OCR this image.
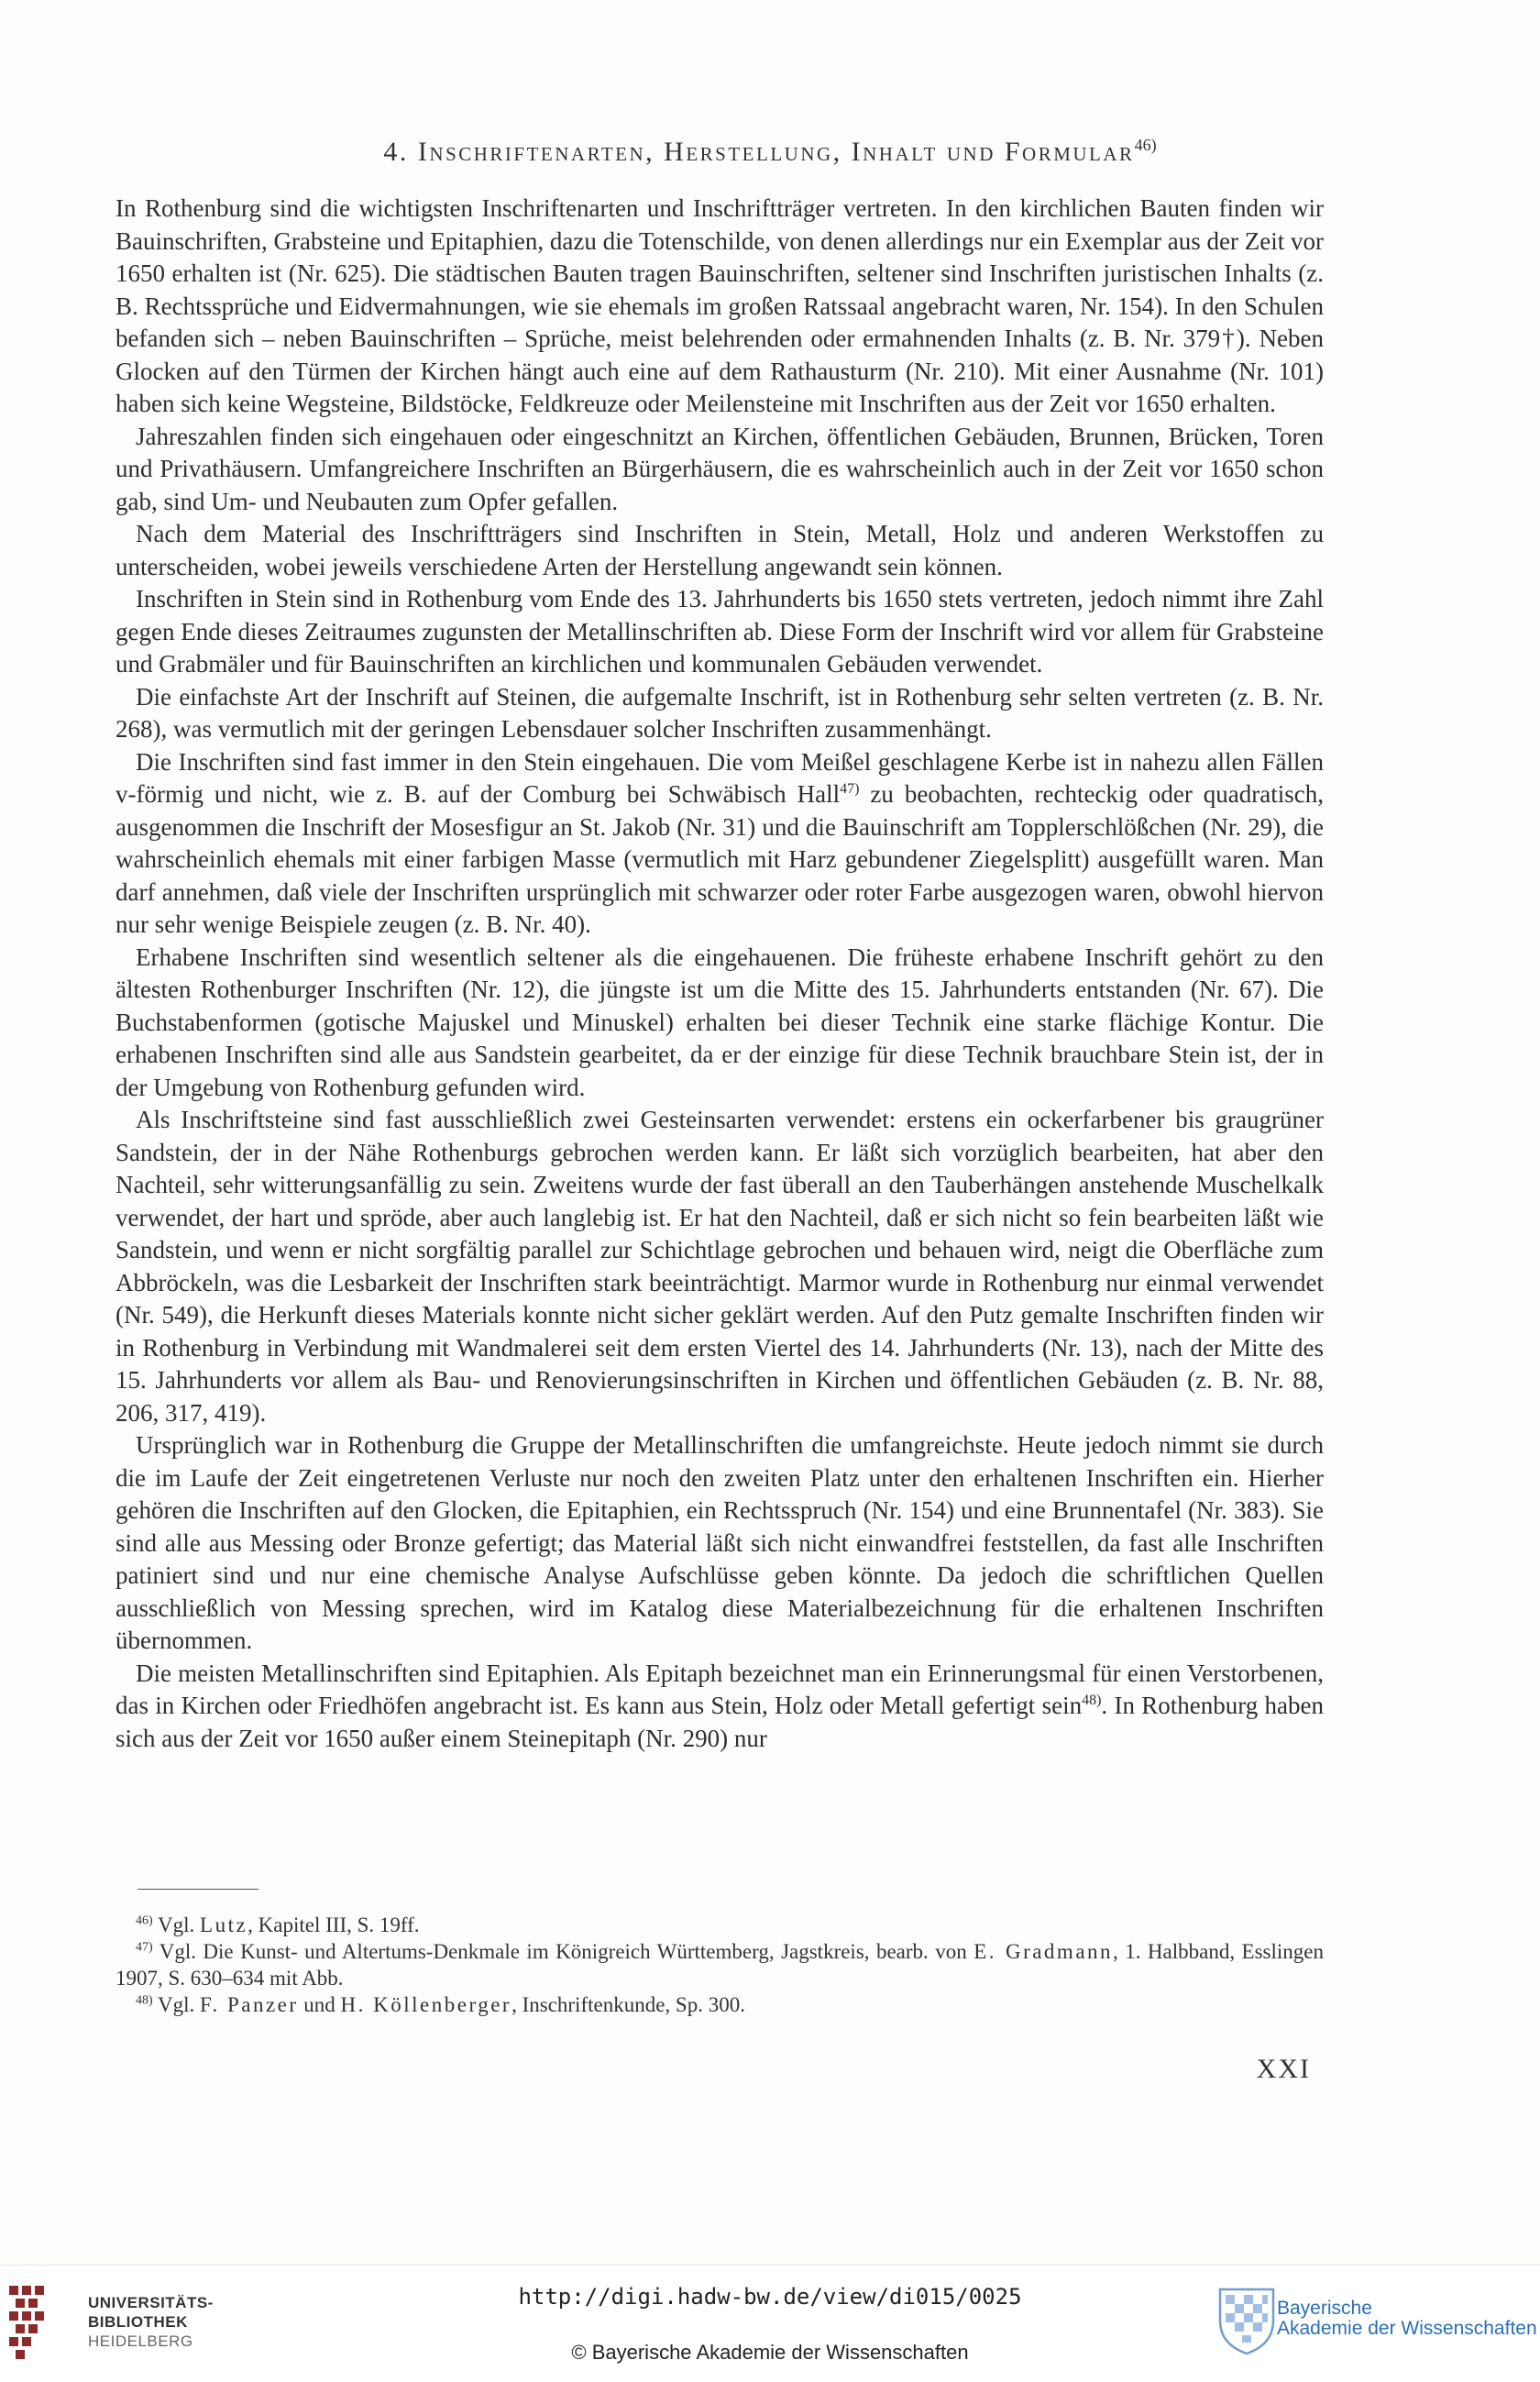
4. Inschriftenarten, Herstellung, Inhalt und Formular$^{46)}$

In Rothenburg sind die wichtigsten Inschriftenarten und Inschriftträger vertreten. In den kirchlichen Bauten finden wir Bauinschriften, Grabsteine und Epitaphien, dazu die Totenschilde, von denen allerdings nur ein Exemplar aus der Zeit vor 1650 erhalten ist (Nr. 625). Die städtischen Bauten tragen Bauinschriften, seltener sind Inschriften juristischen Inhalts (z. B. Rechtssprüche und Eidvermahnungen, wie sie ehemals im großen Ratssaal angebracht waren, Nr. 154). In den Schulen befanden sich – neben Bauinschriften – Sprüche, meist belehrenden oder ermahnenden Inhalts (z. B. Nr. 379†). Neben Glocken auf den Türmen der Kirchen hängt auch eine auf dem Rathausturm (Nr. 210). Mit einer Ausnahme (Nr. 101) haben sich keine Wegsteine, Bildstöcke, Feldkreuze oder Meilensteine mit Inschriften aus der Zeit vor 1650 erhalten.

Jahreszahlen finden sich eingehauen oder eingeschnitzt an Kirchen, öffentlichen Gebäuden, Brunnen, Brücken, Toren und Privathäusern. Umfangreichere Inschriften an Bürgerhäusern, die es wahrscheinlich auch in der Zeit vor 1650 schon gab, sind Um- und Neubauten zum Opfer gefallen.

Nach dem Material des Inschriftträgers sind Inschriften in Stein, Metall, Holz und anderen Werkstoffen zu unterscheiden, wobei jeweils verschiedene Arten der Herstellung angewandt sein können.

Inschriften in Stein sind in Rothenburg vom Ende des 13. Jahrhunderts bis 1650 stets vertreten, jedoch nimmt ihre Zahl gegen Ende dieses Zeitraumes zugunsten der Metallinschriften ab. Diese Form der Inschrift wird vor allem für Grabsteine und Grabmäler und für Bauinschriften an kirchlichen und kommunalen Gebäuden verwendet.

Die einfachste Art der Inschrift auf Steinen, die aufgemalte Inschrift, ist in Rothenburg sehr selten vertreten (z. B. Nr. 268), was vermutlich mit der geringen Lebensdauer solcher Inschriften zusammenhängt.

Die Inschriften sind fast immer in den Stein eingehauen. Die vom Meißel geschlagene Kerbe ist in nahezu allen Fällen v-förmig und nicht, wie z. B. auf der Comburg bei Schwäbisch Hall$^{47)}$ zu beobachten, rechteckig oder quadratisch, ausgenommen die Inschrift der Mosesfigur an St. Jakob (Nr. 31) und die Bauinschrift am Topplerschlößchen (Nr. 29), die wahrscheinlich ehemals mit einer farbigen Masse (vermutlich mit Harz gebundener Ziegelsplitt) ausgefüllt waren. Man darf annehmen, daß viele der Inschriften ursprünglich mit schwarzer oder roter Farbe ausgezogen waren, obwohl hiervon nur sehr wenige Beispiele zeugen (z. B. Nr. 40).

Erhabene Inschriften sind wesentlich seltener als die eingehauenen. Die früheste erhabene Inschrift gehört zu den ältesten Rothenburger Inschriften (Nr. 12), die jüngste ist um die Mitte des 15. Jahrhunderts entstanden (Nr. 67). Die Buchstabenformen (gotische Majuskel und Minuskel) erhalten bei dieser Technik eine starke flächige Kontur. Die erhabenen Inschriften sind alle aus Sandstein gearbeitet, da er der einzige für diese Technik brauchbare Stein ist, der in der Umgebung von Rothenburg gefunden wird.

Als Inschriftsteine sind fast ausschließlich zwei Gesteinsarten verwendet: erstens ein ockerfarbener bis graugrüner Sandstein, der in der Nähe Rothenburgs gebrochen werden kann. Er läßt sich vorzüglich bearbeiten, hat aber den Nachteil, sehr witterungsanfällig zu sein. Zweitens wurde der fast überall an den Tauberhängen anstehende Muschelkalk verwendet, der hart und spröde, aber auch langlebig ist. Er hat den Nachteil, daß er sich nicht so fein bearbeiten läßt wie Sandstein, und wenn er nicht sorgfältig parallel zur Schichtlage gebrochen und behauen wird, neigt die Oberfläche zum Abbröckeln, was die Lesbarkeit der Inschriften stark beeinträchtigt. Marmor wurde in Rothenburg nur einmal verwendet (Nr. 549), die Herkunft dieses Materials konnte nicht sicher geklärt werden. Auf den Putz gemalte Inschriften finden wir in Rothenburg in Verbindung mit Wandmalerei seit dem ersten Viertel des 14. Jahrhunderts (Nr. 13), nach der Mitte des 15. Jahrhunderts vor allem als Bau- und Renovierungsinschriften in Kirchen und öffentlichen Gebäuden (z. B. Nr. 88, 206, 317, 419).

Ursprünglich war in Rothenburg die Gruppe der Metallinschriften die umfangreichste. Heute jedoch nimmt sie durch die im Laufe der Zeit eingetretenen Verluste nur noch den zweiten Platz unter den erhaltenen Inschriften ein. Hierher gehören die Inschriften auf den Glocken, die Epitaphien, ein Rechtsspruch (Nr. 154) und eine Brunnentafel (Nr. 383). Sie sind alle aus Messing oder Bronze gefertigt; das Material läßt sich nicht einwandfrei feststellen, da fast alle Inschriften patiniert sind und nur eine chemische Analyse Aufschlüsse geben könnte. Da jedoch die schriftlichen Quellen ausschließlich von Messing sprechen, wird im Katalog diese Materialbezeichnung für die erhaltenen Inschriften übernommen.

Die meisten Metallinschriften sind Epitaphien. Als Epitaph bezeichnet man ein Erinnerungsmal für einen Verstorbenen, das in Kirchen oder Friedhöfen angebracht ist. Es kann aus Stein, Holz oder Metall gefertigt sein$^{48)}$. In Rothenburg haben sich aus der Zeit vor 1650 außer einem Steinepitaph (Nr. 290) nur

$^{46)}$ Vgl. Lutz, Kapitel III, S. 19ff.

$^{47)}$ Vgl. Die Kunst- und Altertums-Denkmale im Königreich Württemberg, Jagstkreis, bearb. von E. Gradmann, 1. Halbband, Esslingen 1907, S. 630–634 mit Abb.

$^{48)}$ Vgl. F. Panzer und H. Köllenberger, Inschriftenkunde, Sp. 300.

XXI
UNIVERSITÄTS-
BIBLIOTHEK
HEIDELBERG
http://digi.hadw-bw.de/view/di015/0025
© Bayerische Akademie der Wissenschaften
Bayerische
Akademie der Wissenschaften
